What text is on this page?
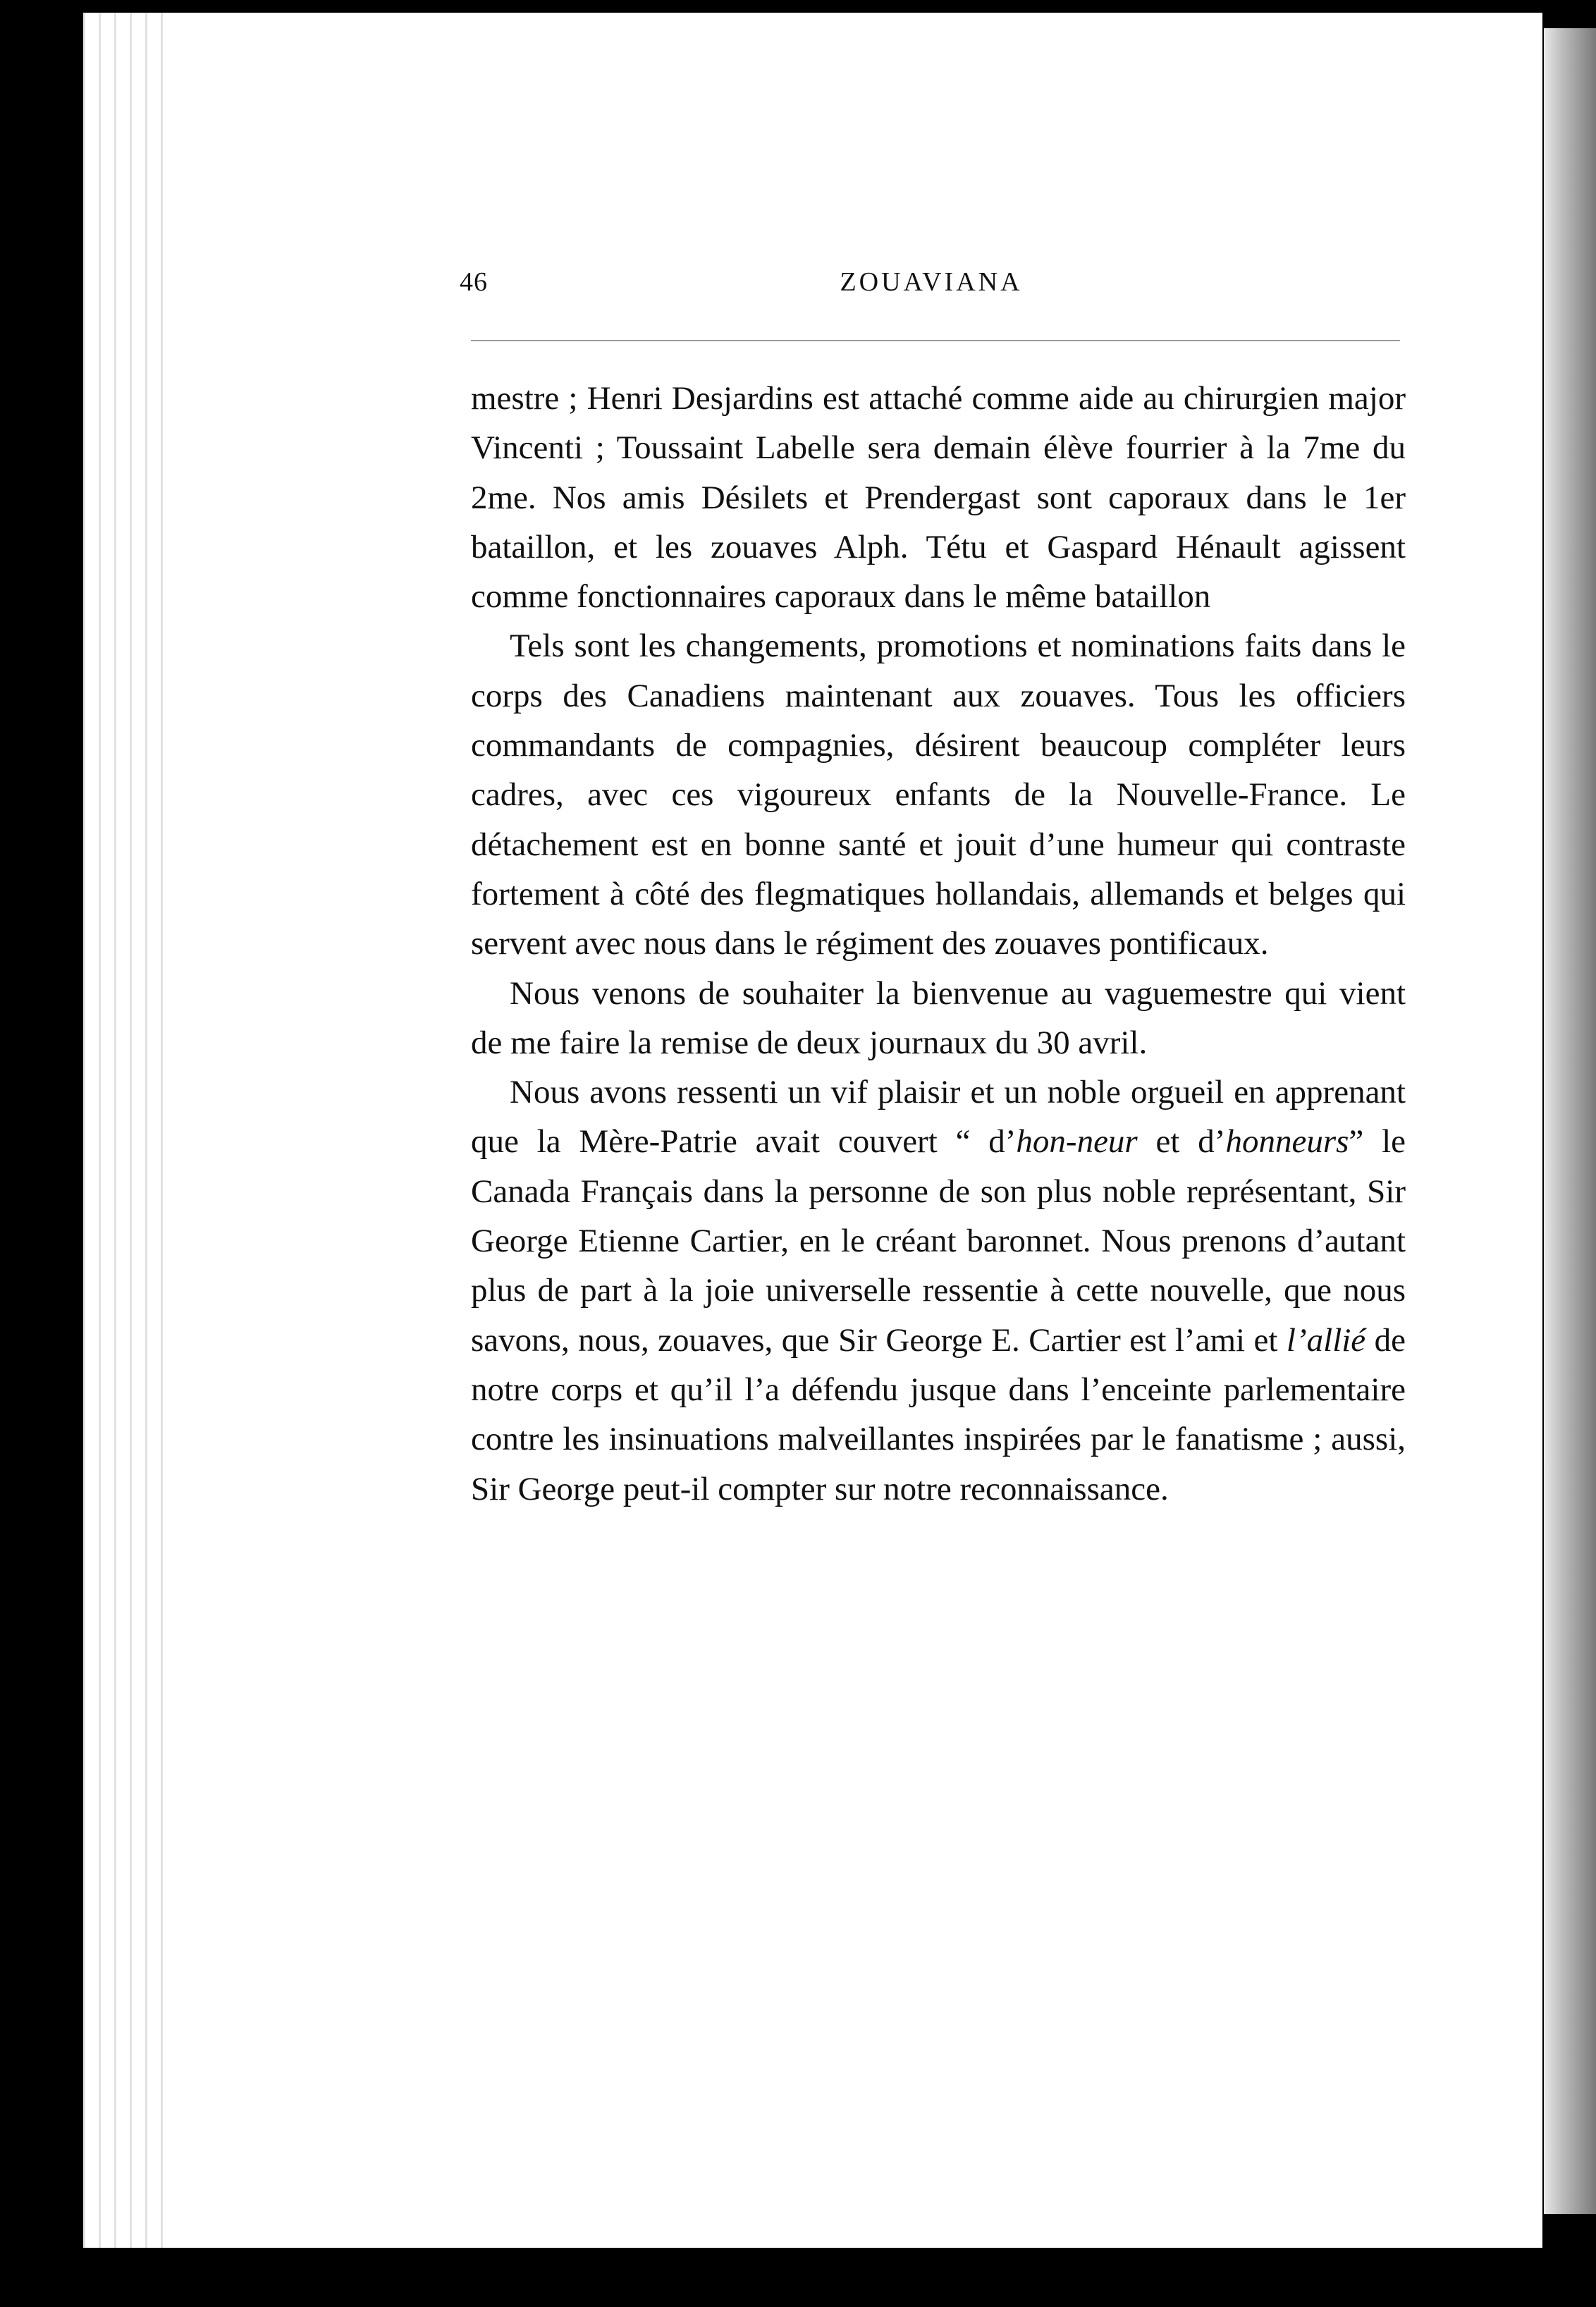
46	ZOUAVIANA

mestre ; Henri Desjardins est attaché comme aide au chirurgien major Vincenti ; Toussaint Labelle sera demain élève fourrier à la 7me du 2me. Nos amis Désilets et Prendergast sont caporaux dans le 1er bataillon, et les zouaves Alph. Tétu et Gaspard Hénault agissent comme fonctionnaires caporaux dans le même bataillon

Tels sont les changements, promotions et nominations faits dans le corps des Canadiens maintenant aux zouaves. Tous les officiers commandants de compagnies, désirent beaucoup compléter leurs cadres, avec ces vigoureux enfants de la Nouvelle-France. Le détachement est en bonne santé et jouit d’une humeur qui contraste fortement à côté des flegmatiques hollandais, allemands et belges qui servent avec nous dans le régiment des zouaves pontificaux.

Nous venons de souhaiter la bienvenue au vaguemestre qui vient de me faire la remise de deux journaux du 30 avril.

Nous avons ressenti un vif plaisir et un noble orgueil en apprenant que la Mère-Patrie avait couvert “ d’hon-neur et d’honneurs” le Canada Français dans la personne de son plus noble représentant, Sir George Etienne Cartier, en le créant baronnet. Nous prenons d’autant plus de part à la joie universelle ressentie à cette nouvelle, que nous savons, nous, zouaves, que Sir George E. Cartier est l’ami et l’allié de notre corps et qu’il l’a défendu jusque dans l’enceinte parlementaire contre les insinuations malveillantes inspirées par le fanatisme ; aussi, Sir George peut-il compter sur notre reconnaissance.
